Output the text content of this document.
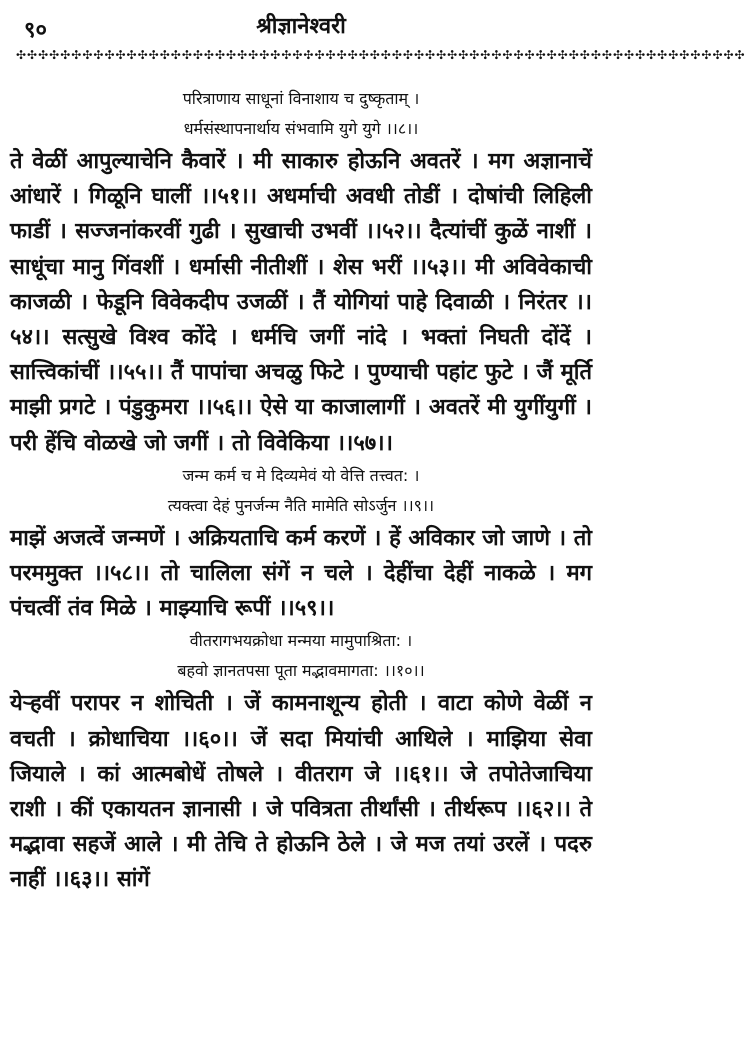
९०	श्रीज्ञानेश्वरी
✣✣✣✣✣✣✣✣✣✣✣✣✣✣✣✣✣✣✣✣✣✣✣✣✣✣✣✣✣✣✣✣✣✣✣✣✣✣✣✣✣✣✣✣✣✣✣✣✣✣✣✣✣✣✣✣✣✣✣✣✣✣✣✣✣✣

परित्राणाय साधूनां विनाशाय च दुष्कृताम् ।

धर्मसंस्थापनार्थाय संभवामि युगे युगे ।।८।।

ते वेळीं आपुल्याचेनि कैवारें । मी साकारु होऊनि अवतरें । मग अज्ञानाचें आंधारें । गिळूनि घालीं ।।५१।। अधर्माची अवधी तोडीं । दोषांची लिहिली फाडीं । सज्जनांकरवीं गुढी । सुखाची उभवीं ।।५२।। दैत्यांचीं कुळें नाशीं । साधूंचा मानु गिंवशीं । धर्मासी नीतीशीं । शेस भरीं ।।५३।। मी अविवेकाची काजळी । फेडूनि विवेकदीप उजळीं । तैं योगियां पाहे दिवाळी । निरंतर ।।५४।। सत्सुखे विश्व कोंदे । धर्मचि जगीं नांदे । भक्तां निघती दोंदें । सात्त्विकांचीं ।।५५।। तैं पापांचा अचळु फिटे । पुण्याची पहांट फुटे । जैं मूर्ति माझी प्रगटे । पंडुकुमरा ।।५६।। ऐसे या काजालागीं । अवतरें मी युगींयुगीं । परी हेंचि वोळखे जो जगीं । तो विवेकिया ।।५७।।

जन्म कर्म च मे दिव्यमेवं यो वेत्ति तत्त्वत: ।

त्यक्त्वा देहं पुनर्जन्म नैति मामेति सोऽर्जुन ।।९।।

माझें अजत्वें जन्मणें । अक्रियताचि कर्म करणें । हें अविकार जो जाणे । तो परममुक्त ।।५८।। तो चालिला संगें न चले । देहींचा देहीं नाकळे । मग पंचत्वीं तंव मिळे । माझ्याचि रूपीं ।।५९।।

वीतरागभयक्रोधा मन्मया मामुपाश्रिता: ।

बहवो ज्ञानतपसा पूता मद्भावमागता: ।।१०।।

येऱ्हवीं परापर न शोचिती । जें कामनाशून्य होती । वाटा कोणे वेळीं न वचती । क्रोधाचिया ।।६०।। जें सदा मियांची आथिले । माझिया सेवा जियाले । कां आत्मबोधें तोषले । वीतराग जे ।।६१।। जे तपोतेजाचिया राशी । कीं एकायतन ज्ञानासी । जे पवित्रता तीर्थांसी । तीर्थरूप ।।६२।। ते मद्भावा सहजें आले । मी तेचि ते होऊनि ठेले । जे मज तयां उरलें । पदरु नाहीं ।।६३।। सांगें
